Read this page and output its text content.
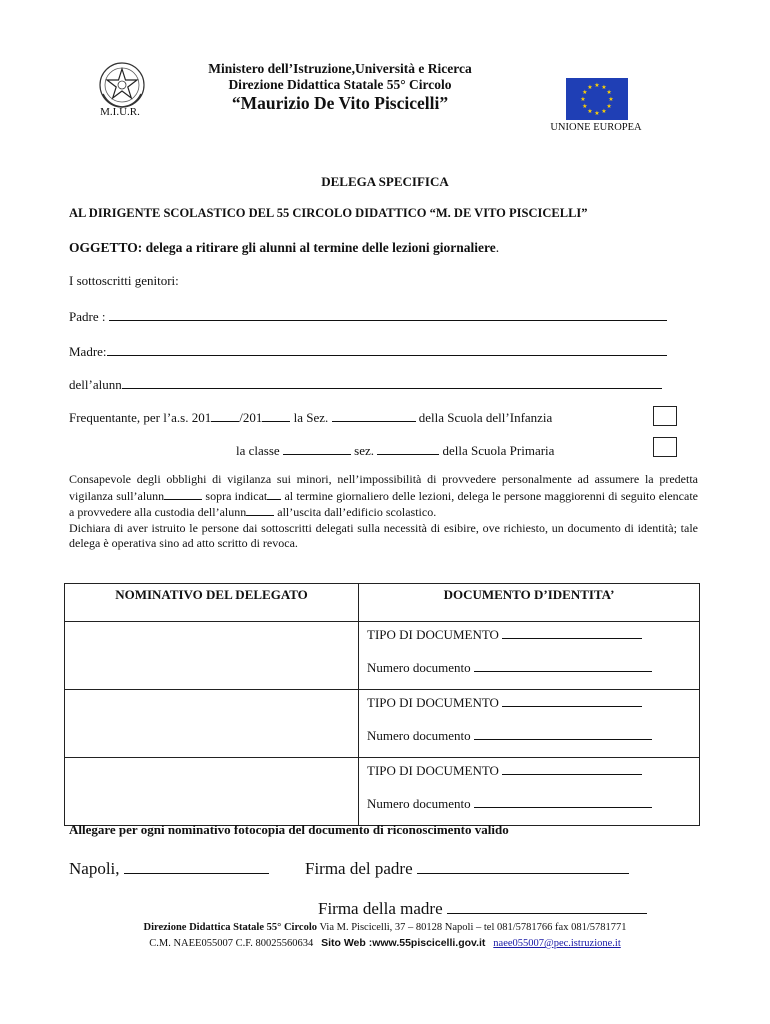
M.I.U.R.
Ministero dell’Istruzione,Università e Ricerca
Direzione Didattica Statale 55° Circolo
“Maurizio De Vito Piscicelli”	★
★
★
★
★
★
★
★
★ ★ ★
★
UNIONE EUROPEA
DELEGA SPECIFICA
AL DIRIGENTE SCOLASTICO DEL 55 CIRCOLO DIDATTICO “M. DE VITO PISCICELLI”
OGGETTO: delega a ritirare gli alunni al termine delle lezioni giornaliere.
I sottoscritti genitori:
Padre :
Madre:
dell’alunn
Frequentante, per l’a.s. 201 /201 la Sez.	della Scuola dell’Infanzia
la classe	sez.	della Scuola Primaria

Consapevole degli obblighi di vigilanza sui minori, nell’impossibilità di provvedere personalmente ad assumere la predetta vigilanza sull’alunn	sopra indicat al termine giornaliero delle lezioni, delega le persone maggiorenni di seguito elencate a provvedere alla custodia dell’alunn	all’uscita dall’edificio scolastico.

Dichiara di aver istruito le persone dai sottoscritti delegati sulla necessità di esibire, ove richiesto, un documento di identità; tale delega è operativa sino ad atto scritto di revoca.

NOMINATIVO DEL DELEGATO	DOCUMENTO D’IDENTITA’

	TIPO DI DOCUMENTO
Numero documento

	TIPO DI DOCUMENTO
Numero documento

	TIPO DI DOCUMENTO
Numero documento
Allegare per ogni nominativo fotocopia del documento di riconoscimento valido
Napoli,	Firma del padre
Firma della madre
Direzione Didattica Statale 55° Circolo Via M. Piscicelli, 37 – 80128 Napoli – tel 081/5781766 fax 081/5781771
C.M. NAEE055007 C.F. 80025560634 Sito Web :www.55piscicelli.gov.it naee055007@pec.istruzione.it
